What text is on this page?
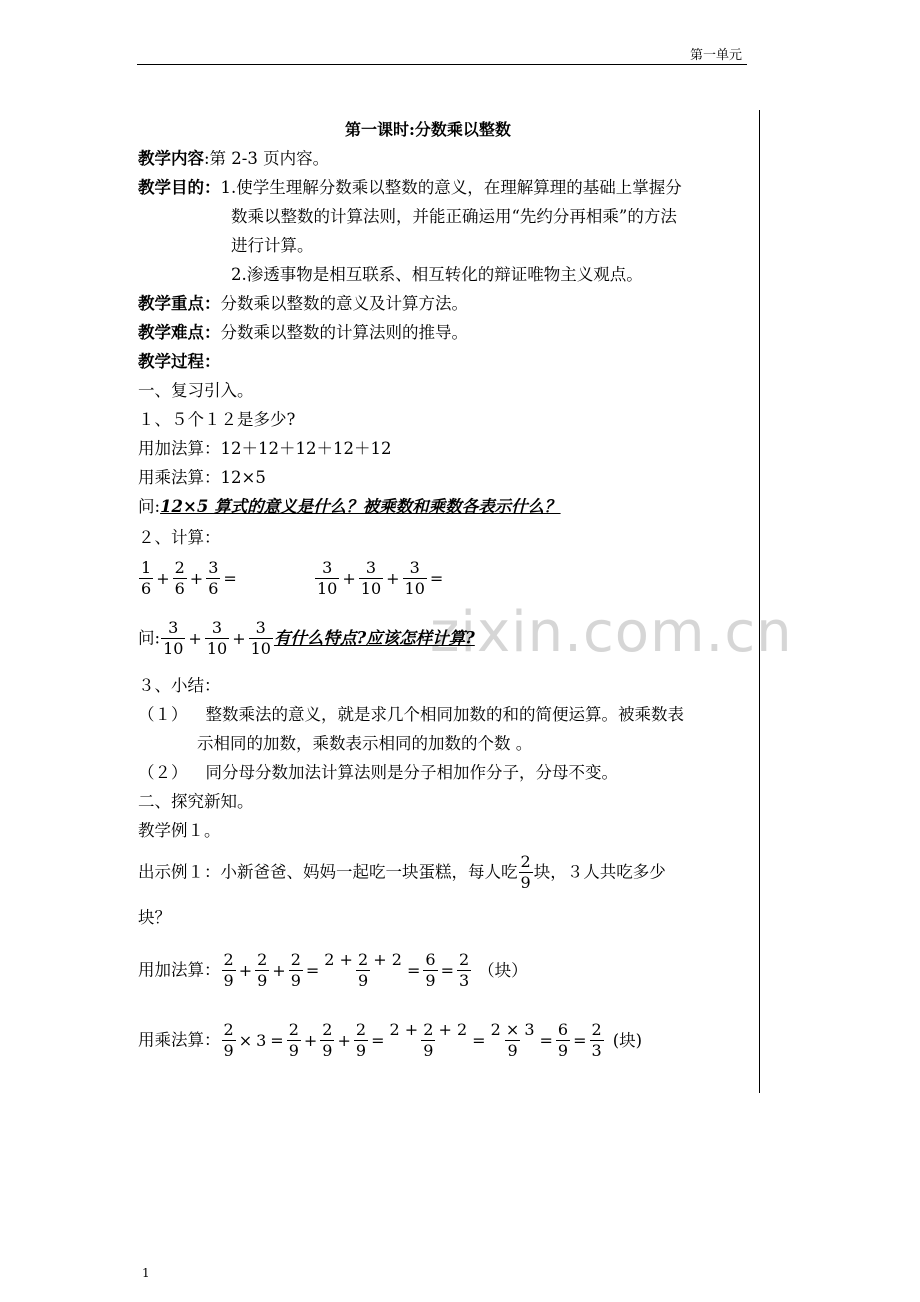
第一单元
第一课时:分数乘以整数
教学内容:第 2-3 页内容。
教学目的：1.使学生理解分数乘以整数的意义，在理解算理的基础上掌握分
数乘以整数的计算法则，并能正确运用“先约分再相乘”的方法
进行计算。
2.渗透事物是相互联系、相互转化的辩证唯物主义观点。
教学重点：分数乘以整数的意义及计算方法。
教学难点：分数乘以整数的计算法则的推导。
教学过程：
一、复习引入。
１、５个１２是多少?
用加法算：12＋12＋12＋12＋12
用乘法算：12×5
问:12×5 算式的意义是什么？被乘数和乘数各表示什么？
２、计算：
$\frac{1}{6} + \frac{2}{6} + \frac{3}{6}$ =	$\frac{3}{10} + \frac{3}{10} + \frac{3}{10}$ =
zixin.com.cn
问: $\frac{3}{10} + \frac{3}{10} + \frac{3}{10}$ 有什么特点?应该怎样计算?
３、小结：
（１） 整数乘法的意义，就是求几个相同加数的和的简便运算。被乘数表
示相同的加数，乘数表示相同的加数的个数 。
（２） 同分母分数加法计算法则是分子相加作分子，分母不变。
二、探究新知。
教学例１。
出示例１：小新爸爸、妈妈一起吃一块蛋糕，每人吃 $\frac{2}{9}$ 块，３人共吃多少
块？
用加法算： $\frac{2}{9} + \frac{2}{9} + \frac{2}{9} = \frac{2 + 2 + 2}{9} = \frac{6}{9} = \frac{2}{3}$ （块）
用乘法算： $\frac{2}{9} \times 3 = \frac{2}{9} + \frac{2}{9} + \frac{2}{9} = \frac{2 + 2 + 2}{9} = \frac{2 \times 3}{9} = \frac{6}{9} = \frac{2}{3}$ (块)
1
